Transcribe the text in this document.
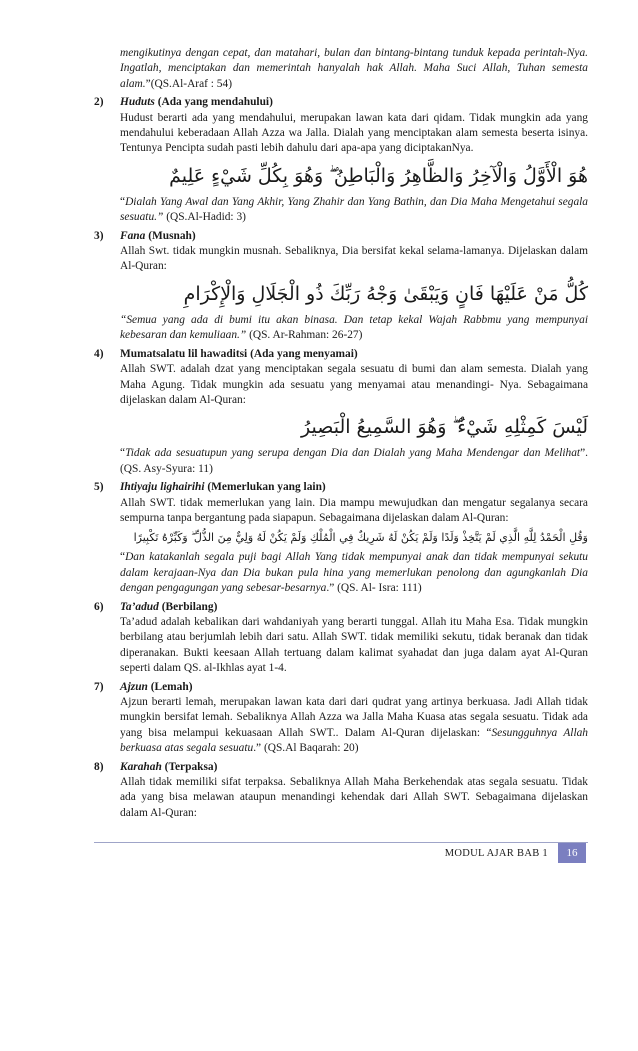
mengikutinya dengan cepat, dan matahari, bulan dan bintang-bintang tunduk kepada perintah-Nya. Ingatlah, menciptakan dan memerintah hanyalah hak Allah. Maha Suci Allah, Tuhan semesta alam.”(QS.Al-Araf : 54)

2) Huduts (Ada yang mendahului)

Hudust berarti ada yang mendahului, merupakan lawan kata dari qidam. Tidak mungkin ada yang mendahului keberadaan Allah Azza wa Jalla. Dialah yang menciptakan alam semesta beserta isinya. Tentunya Pencipta sudah pasti lebih dahulu dari apa-apa yang diciptakanNya.

هُوَ الْأَوَّلُ وَالْآخِرُ وَالظَّاهِرُ وَالْبَاطِنُ ۖ وَهُوَ بِكُلِّ شَيْءٍ عَلِيمٌ

“Dialah Yang Awal dan Yang Akhir, Yang Zhahir dan Yang Bathin, dan Dia Maha Mengetahui segala sesuatu.” (QS.Al-Hadid: 3)

3) Fana (Musnah)

Allah Swt. tidak mungkin musnah. Sebaliknya, Dia bersifat kekal selama-lamanya. Dijelaskan dalam Al-Quran:

كُلُّ مَنْ عَلَيْهَا فَانٍ وَيَبْقَىٰ وَجْهُ رَبِّكَ ذُو الْجَلَالِ وَالْإِكْرَامِ

“Semua yang ada di bumi itu akan binasa. Dan tetap kekal Wajah Rabbmu yang mempunyai kebesaran dan kemuliaan.” (QS. Ar-Rahman: 26-27)

4) Mumatsalatu lil hawaditsi (Ada yang menyamai)

Allah SWT. adalah dzat yang menciptakan segala sesuatu di bumi dan alam semesta. Dialah yang Maha Agung. Tidak mungkin ada sesuatu yang menyamai atau menandingi- Nya. Sebagaimana dijelaskan dalam Al-Quran:

لَيْسَ كَمِثْلِهِ شَيْءٌ ۖ وَهُوَ السَّمِيعُ الْبَصِيرُ

“Tidak ada sesuatupun yang serupa dengan Dia dan Dialah yang Maha Mendengar dan Melihat”. (QS. Asy-Syura: 11)

5) Ihtiyaju lighairihi (Memerlukan yang lain)

Allah SWT. tidak memerlukan yang lain. Dia mampu mewujudkan dan mengatur segalanya secara sempurna tanpa bergantung pada siapapun. Sebagaimana dijelaskan dalam Al-Quran:

وَقُلِ الْحَمْدُ لِلَّهِ الَّذِي لَمْ يَتَّخِذْ وَلَدًا وَلَمْ يَكُنْ لَهُ شَرِيكٌ فِي الْمُلْكِ وَلَمْ يَكُنْ لَهُ وَلِيٌّ مِنَ الذُّلِّ ۖ وَكَبِّرْهُ تَكْبِيرًا

“Dan katakanlah segala puji bagi Allah Yang tidak mempunyai anak dan tidak mempunyai sekutu dalam kerajaan-Nya dan Dia bukan pula hina yang memerlukan penolong dan agungkanlah Dia dengan pengagungan yang sebesar-besarnya.” (QS. Al- Isra: 111)

6) Ta’adud (Berbilang)

Ta’adud adalah kebalikan dari wahdaniyah yang berarti tunggal. Allah itu Maha Esa. Tidak mungkin berbilang atau berjumlah lebih dari satu. Allah SWT. tidak memiliki sekutu, tidak beranak dan tidak diperanakan. Bukti keesaan Allah tertuang dalam kalimat syahadat dan juga dalam ayat Al-Quran seperti dalam QS. al-Ikhlas ayat 1-4.

7) Ajzun (Lemah)

Ajzun berarti lemah, merupakan lawan kata dari dari qudrat yang artinya berkuasa. Jadi Allah tidak mungkin bersifat lemah. Sebaliknya Allah Azza wa Jalla Maha Kuasa atas segala sesuatu. Tidak ada yang bisa melampui kekuasaan Allah SWT.. Dalam Al-Quran dijelaskan: “Sesungguhnya Allah berkuasa atas segala sesuatu.” (QS.Al Baqarah: 20)

8) Karahah (Terpaksa)

Allah tidak memiliki sifat terpaksa. Sebaliknya Allah Maha Berkehendak atas segala sesuatu. Tidak ada yang bisa melawan ataupun menandingi kehendak dari Allah SWT. Sebagaimana dijelaskan dalam Al-Quran:

MODUL AJAR BAB 1	16
